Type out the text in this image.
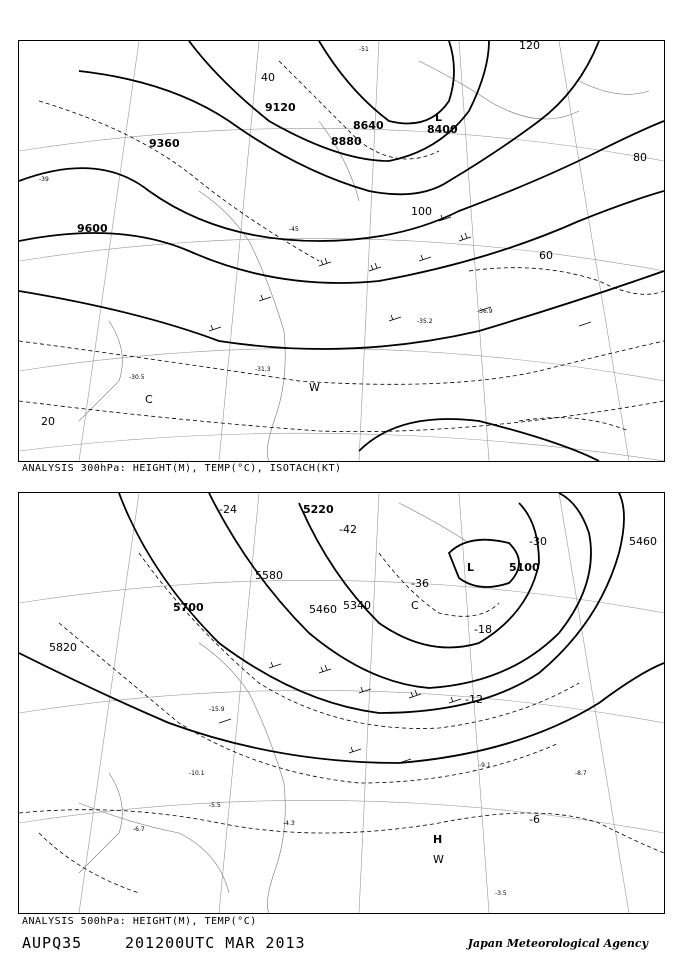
9600
9360
9120
8880
8640	8400
20
40
60
80
100
120
-39
-45
-51
-36.9
-35.2
-31.3
-30.5
L
C
W
ANALYSIS 300hPa: HEIGHT(M), TEMP(°C), ISOTACH(KT)
5820
5700
5580
5460 5340
5220
5100
5460
-42
-36
-30
-24
-18
-12
-6
-10.1
-15.9
-9.1
-8.7
-3.5
-4.3
-6.7
-5.5
L
H
C
W
ANALYSIS 500hPa: HEIGHT(M), TEMP(°C)
AUPQ35	201200UTC MAR 2013	Japan Meteorological Agency
